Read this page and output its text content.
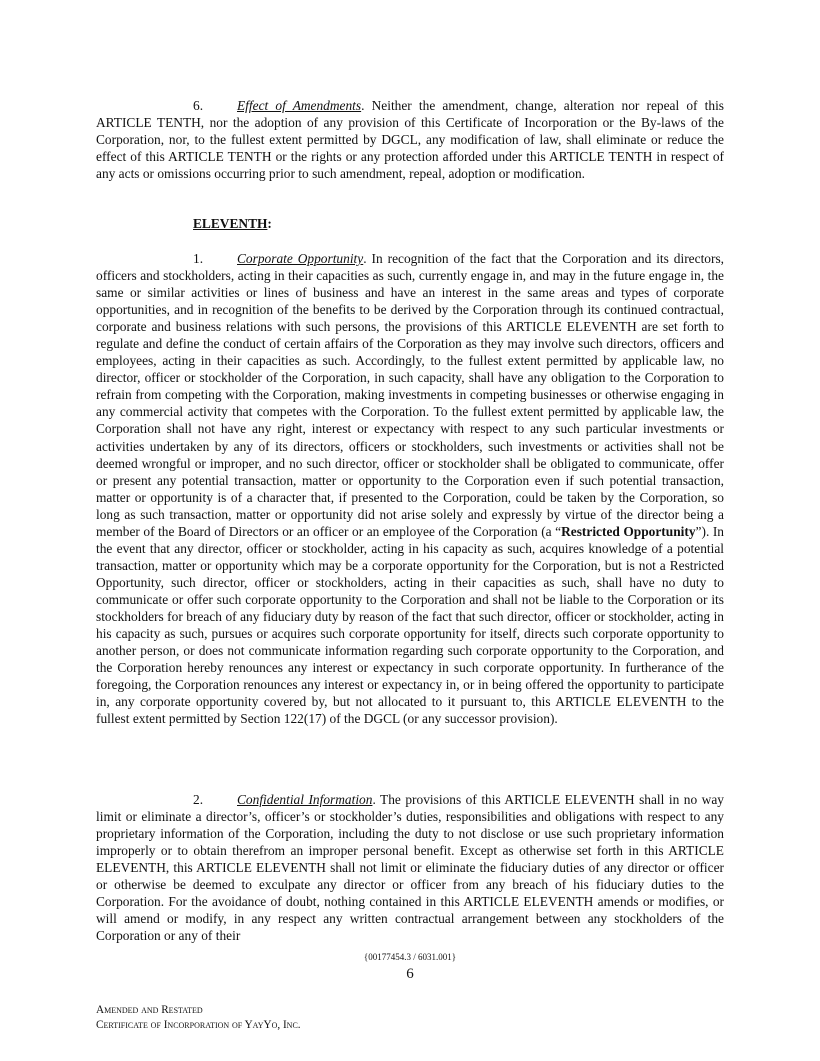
6.	Effect of Amendments. Neither the amendment, change, alteration nor repeal of this ARTICLE TENTH, nor the adoption of any provision of this Certificate of Incorporation or the By-laws of the Corporation, nor, to the fullest extent permitted by DGCL, any modification of law, shall eliminate or reduce the effect of this ARTICLE TENTH or the rights or any protection afforded under this ARTICLE TENTH in respect of any acts or omissions occurring prior to such amendment, repeal, adoption or modification.

ELEVENTH:

1.	Corporate Opportunity. In recognition of the fact that the Corporation and its directors, officers and stockholders, acting in their capacities as such, currently engage in, and may in the future engage in, the same or similar activities or lines of business and have an interest in the same areas and types of corporate opportunities, and in recognition of the benefits to be derived by the Corporation through its continued contractual, corporate and business relations with such persons, the provisions of this ARTICLE ELEVENTH are set forth to regulate and define the conduct of certain affairs of the Corporation as they may involve such directors, officers and employees, acting in their capacities as such. Accordingly, to the fullest extent permitted by applicable law, no director, officer or stockholder of the Corporation, in such capacity, shall have any obligation to the Corporation to refrain from competing with the Corporation, making investments in competing businesses or otherwise engaging in any commercial activity that competes with the Corporation. To the fullest extent permitted by applicable law, the Corporation shall not have any right, interest or expectancy with respect to any such particular investments or activities undertaken by any of its directors, officers or stockholders, such investments or activities shall not be deemed wrongful or improper, and no such director, officer or stockholder shall be obligated to communicate, offer or present any potential transaction, matter or opportunity to the Corporation even if such potential transaction, matter or opportunity is of a character that, if presented to the Corporation, could be taken by the Corporation, so long as such transaction, matter or opportunity did not arise solely and expressly by virtue of the director being a member of the Board of Directors or an officer or an employee of the Corporation (a “Restricted Opportunity”). In the event that any director, officer or stockholder, acting in his capacity as such, acquires knowledge of a potential transaction, matter or opportunity which may be a corporate opportunity for the Corporation, but is not a Restricted Opportunity, such director, officer or stockholders, acting in their capacities as such, shall have no duty to communicate or offer such corporate opportunity to the Corporation and shall not be liable to the Corporation or its stockholders for breach of any fiduciary duty by reason of the fact that such director, officer or stockholder, acting in his capacity as such, pursues or acquires such corporate opportunity for itself, directs such corporate opportunity to another person, or does not communicate information regarding such corporate opportunity to the Corporation, and the Corporation hereby renounces any interest or expectancy in such corporate opportunity. In furtherance of the foregoing, the Corporation renounces any interest or expectancy in, or in being offered the opportunity to participate in, any corporate opportunity covered by, but not allocated to it pursuant to, this ARTICLE ELEVENTH to the fullest extent permitted by Section 122(17) of the DGCL (or any successor provision).

2.	Confidential Information. The provisions of this ARTICLE ELEVENTH shall in no way limit or eliminate a director’s, officer’s or stockholder’s duties, responsibilities and obligations with respect to any proprietary information of the Corporation, including the duty to not disclose or use such proprietary information improperly or to obtain therefrom an improper personal benefit. Except as otherwise set forth in this ARTICLE ELEVENTH, this ARTICLE ELEVENTH shall not limit or eliminate the fiduciary duties of any director or officer or otherwise be deemed to exculpate any director or officer from any breach of his fiduciary duties to the Corporation. For the avoidance of doubt, nothing contained in this ARTICLE ELEVENTH amends or modifies, or will amend or modify, in any respect any written contractual arrangement between any stockholders of the Corporation or any of their

{00177454.3 / 6031.001}
6
Amended and Restated
Certificate of Incorporation of YayYo, Inc.
